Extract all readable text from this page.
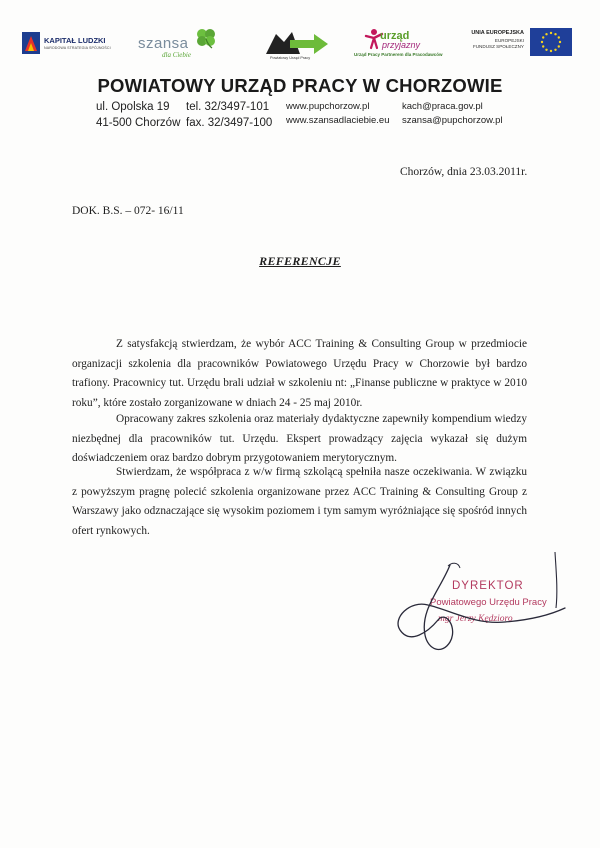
KAPITAŁ LUDZKI
NARODOWA STRATEGIA SPÓJNOŚCI szansa
dla Ciebie	Powiatowy Urząd Pracy
urząd
przyjazny
Urząd Pracy Partnerem dla Pracodawców
UNIA EUROPEJSKA
EUROPEJSKI
FUNDUSZ SPOŁECZNY
POWIATOWY URZĄD PRACY W CHORZOWIE
ul. Opolska 19
41-500 Chorzów
tel. 32/3497-101
fax. 32/3497-100
www.pupchorzow.pl
www.szansadlaciebie.eu
kach@praca.gov.pl
szansa@pupchorzow.pl
Chorzów, dnia 23.03.2011r.
DOK. B.S. – 072- 16/11
REFERENCJE
Z satysfakcją stwierdzam, że wybór ACC Training & Consulting Group w przedmiocie organizacji szkolenia dla pracowników Powiatowego Urzędu Pracy w Chorzowie był bardzo trafiony. Pracownicy tut. Urzędu brali udział w szkoleniu nt: „Finanse publiczne w praktyce w 2010 roku”, które zostało zorganizowane w dniach 24 - 25 maj 2010r.
Opracowany zakres szkolenia oraz materiały dydaktyczne zapewniły kompendium wiedzy niezbędnej dla pracowników tut. Urzędu. Ekspert prowadzący zajęcia wykazał się dużym doświadczeniem oraz bardzo dobrym przygotowaniem merytorycznym.
Stwierdzam, że współpraca z w/w firmą szkolącą spełniła nasze oczekiwania. W związku z powyższym pragnę polecić szkolenia organizowane przez ACC Training & Consulting Group z Warszawy jako odznaczające się wysokim poziomem i tym samym wyróżniające się spośród innych ofert rynkowych.
DYREKTOR
Powiatowego Urzędu Pracy
mgr Jerzy Kędzioro
